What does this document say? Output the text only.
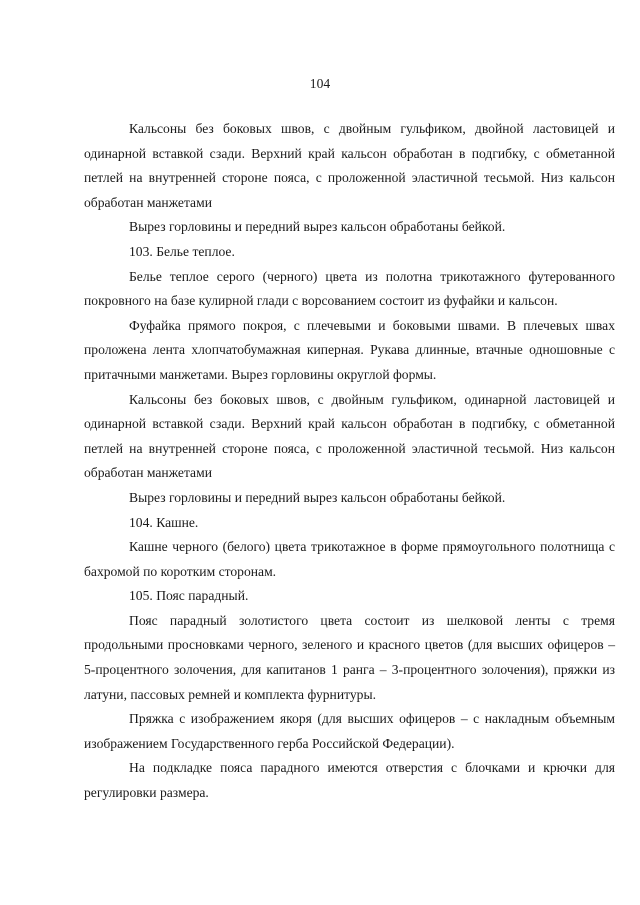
104

Кальсоны без боковых швов, с двойным гульфиком, двойной ластовицей и одинарной вставкой сзади. Верхний край кальсон обработан в подгибку, с обметанной петлей на внутренней стороне пояса, с проложенной эластичной тесьмой. Низ кальсон обработан манжетами

Вырез горловины и передний вырез кальсон обработаны бейкой.

103. Белье теплое.

Белье теплое серого (черного) цвета из полотна трикотажного футерованного покровного на базе кулирной глади с ворсованием состоит из фуфайки и кальсон.

Фуфайка прямого покроя, с плечевыми и боковыми швами. В плечевых швах проложена лента хлопчатобумажная киперная. Рукава длинные, втачные одношовные с притачными манжетами. Вырез горловины округлой формы.

Кальсоны без боковых швов, с двойным гульфиком, одинарной ластовицей и одинарной вставкой сзади. Верхний край кальсон обработан в подгибку, с обметанной петлей на внутренней стороне пояса, с проложенной эластичной тесьмой. Низ кальсон обработан манжетами

Вырез горловины и передний вырез кальсон обработаны бейкой.

104. Кашне.

Кашне черного (белого) цвета трикотажное в форме прямоугольного полотнища с бахромой по коротким сторонам.

105. Пояс парадный.

Пояс парадный золотистого цвета состоит из шелковой ленты с тремя продольными просновками черного, зеленого и красного цветов (для высших офицеров – 5-процентного золочения, для капитанов 1 ранга – 3-процентного золочения), пряжки из латуни, пассовых ремней и комплекта фурнитуры.

Пряжка с изображением якоря (для высших офицеров – с накладным объемным изображением Государственного герба Российской Федерации).

На подкладке пояса парадного имеются отверстия с блочками и крючки для регулировки размера.
